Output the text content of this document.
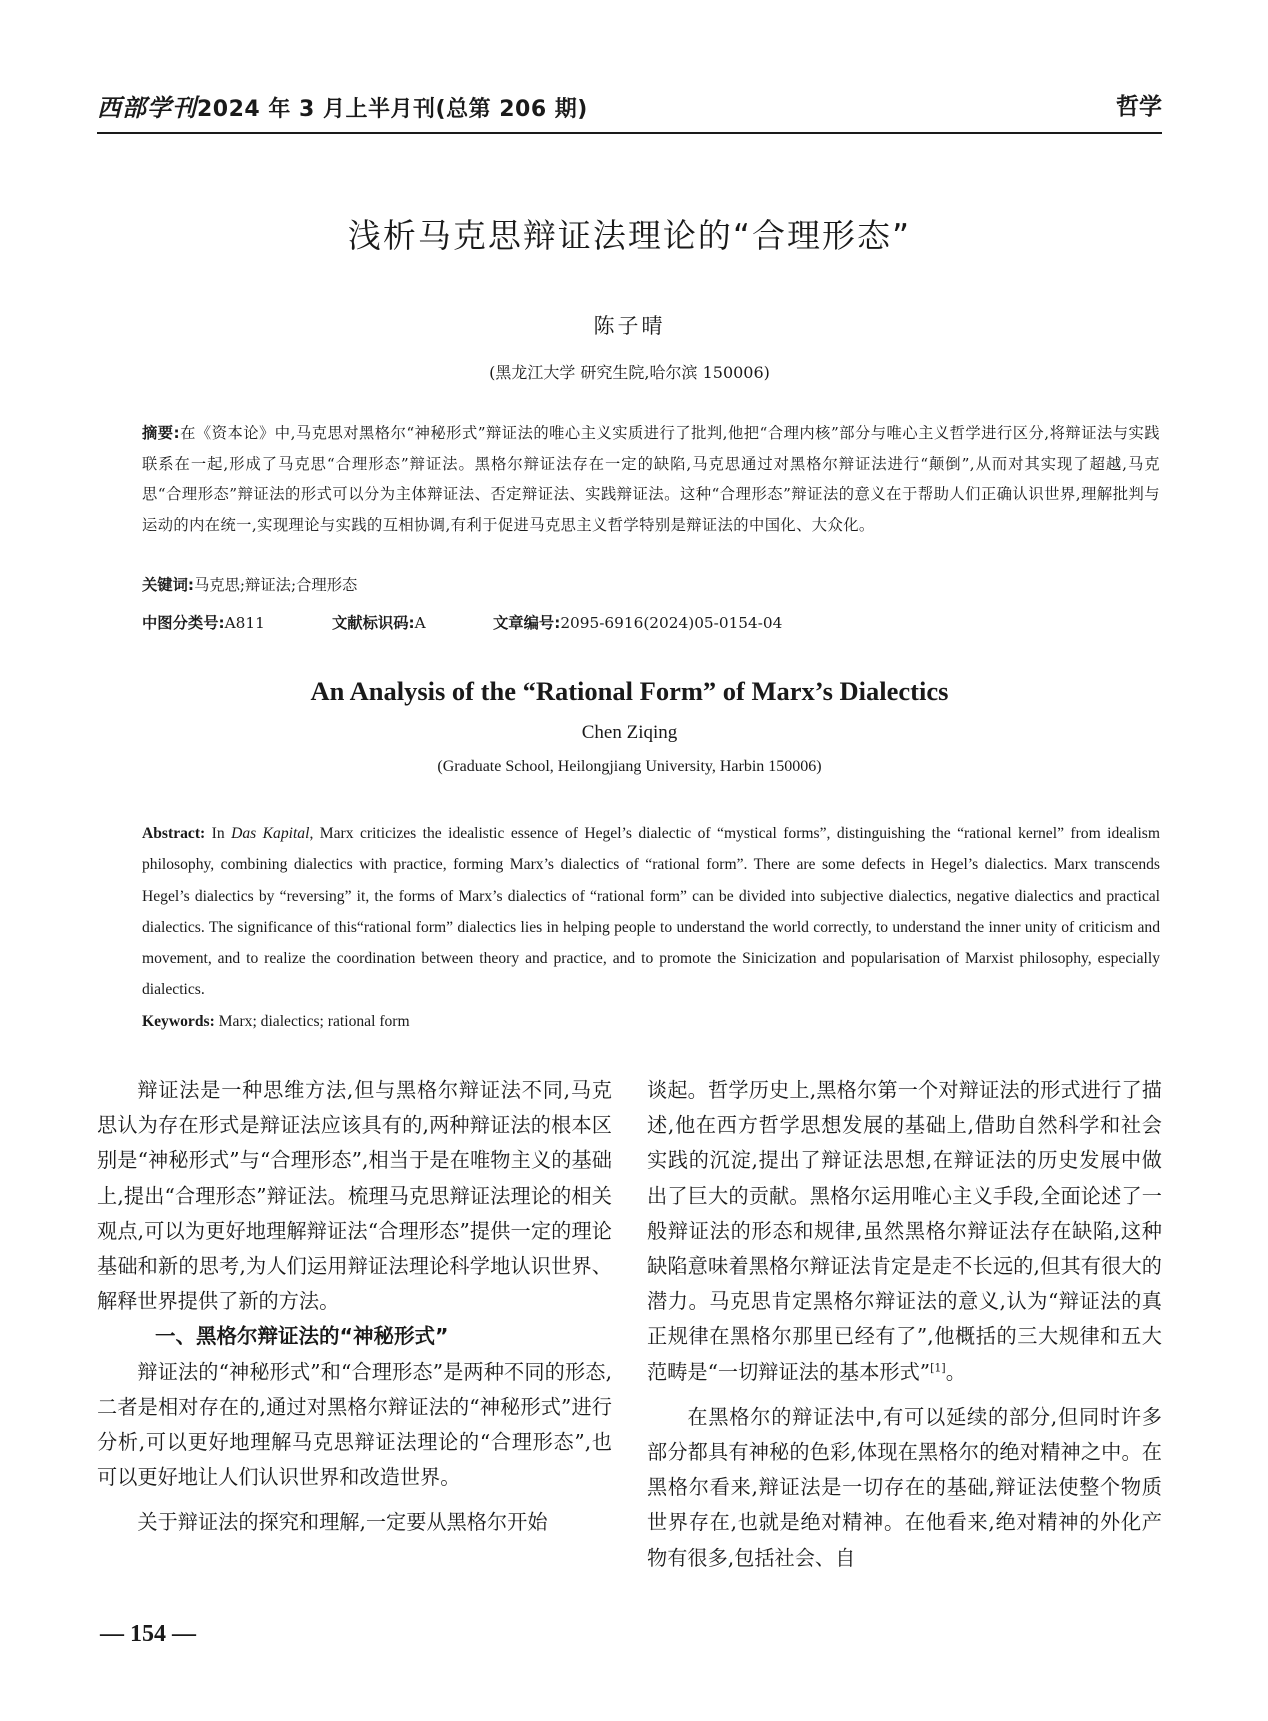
西部学刊2024 年 3 月上半月刊(总第 206 期)	哲学
浅析马克思辩证法理论的“合理形态”
陈子晴
(黑龙江大学 研究生院,哈尔滨 150006)
摘要:在《资本论》中,马克思对黑格尔“神秘形式”辩证法的唯心主义实质进行了批判,他把“合理内核”部分与唯心主义哲学进行区分,将辩证法与实践联系在一起,形成了马克思“合理形态”辩证法。黑格尔辩证法存在一定的缺陷,马克思通过对黑格尔辩证法进行“颠倒”,从而对其实现了超越,马克思“合理形态”辩证法的形式可以分为主体辩证法、否定辩证法、实践辩证法。这种“合理形态”辩证法的意义在于帮助人们正确认识世界,理解批判与运动的内在统一,实现理论与实践的互相协调,有利于促进马克思主义哲学特别是辩证法的中国化、大众化。
关键词:马克思;辩证法;合理形态
中图分类号:A811	文献标识码:A	文章编号:2095-6916(2024)05-0154-04
An Analysis of the “Rational Form” of Marx’s Dialectics
Chen Ziqing
(Graduate School, Heilongjiang University, Harbin 150006)
Abstract: In Das Kapital, Marx criticizes the idealistic essence of Hegel’s dialectic of “mystical forms”, distinguishing the “rational kernel” from idealism philosophy, combining dialectics with practice, forming Marx’s dialectics of “rational form”. There are some defects in Hegel’s dialectics. Marx transcends Hegel’s dialectics by “reversing” it, the forms of Marx’s dialectics of “rational form” can be divided into subjective dialectics, negative dialectics and practical dialectics. The significance of this“rational form” dialectics lies in helping people to understand the world correctly, to understand the inner unity of criticism and movement, and to realize the coordination between theory and practice, and to promote the Sinicization and popularisation of Marxist philosophy, especially dialectics.
Keywords: Marx; dialectics; rational form

辩证法是一种思维方法,但与黑格尔辩证法不同,马克思认为存在形式是辩证法应该具有的,两种辩证法的根本区别是“神秘形式”与“合理形态”,相当于是在唯物主义的基础上,提出“合理形态”辩证法。梳理马克思辩证法理论的相关观点,可以为更好地理解辩证法“合理形态”提供一定的理论基础和新的思考,为人们运用辩证法理论科学地认识世界、解释世界提供了新的方法。

一、黑格尔辩证法的“神秘形式”

辩证法的“神秘形式”和“合理形态”是两种不同的形态,二者是相对存在的,通过对黑格尔辩证法的“神秘形式”进行分析,可以更好地理解马克思辩证法理论的“合理形态”,也可以更好地让人们认识世界和改造世界。

关于辩证法的探究和理解,一定要从黑格尔开始

谈起。哲学历史上,黑格尔第一个对辩证法的形式进行了描述,他在西方哲学思想发展的基础上,借助自然科学和社会实践的沉淀,提出了辩证法思想,在辩证法的历史发展中做出了巨大的贡献。黑格尔运用唯心主义手段,全面论述了一般辩证法的形态和规律,虽然黑格尔辩证法存在缺陷,这种缺陷意味着黑格尔辩证法肯定是走不长远的,但其有很大的潜力。马克思肯定黑格尔辩证法的意义,认为“辩证法的真正规律在黑格尔那里已经有了”,他概括的三大规律和五大范畴是“一切辩证法的基本形式”[1]。

在黑格尔的辩证法中,有可以延续的部分,但同时许多部分都具有神秘的色彩,体现在黑格尔的绝对精神之中。在黑格尔看来,辩证法是一切存在的基础,辩证法使整个物质世界存在,也就是绝对精神。在他看来,绝对精神的外化产物有很多,包括社会、自

— 154 —
